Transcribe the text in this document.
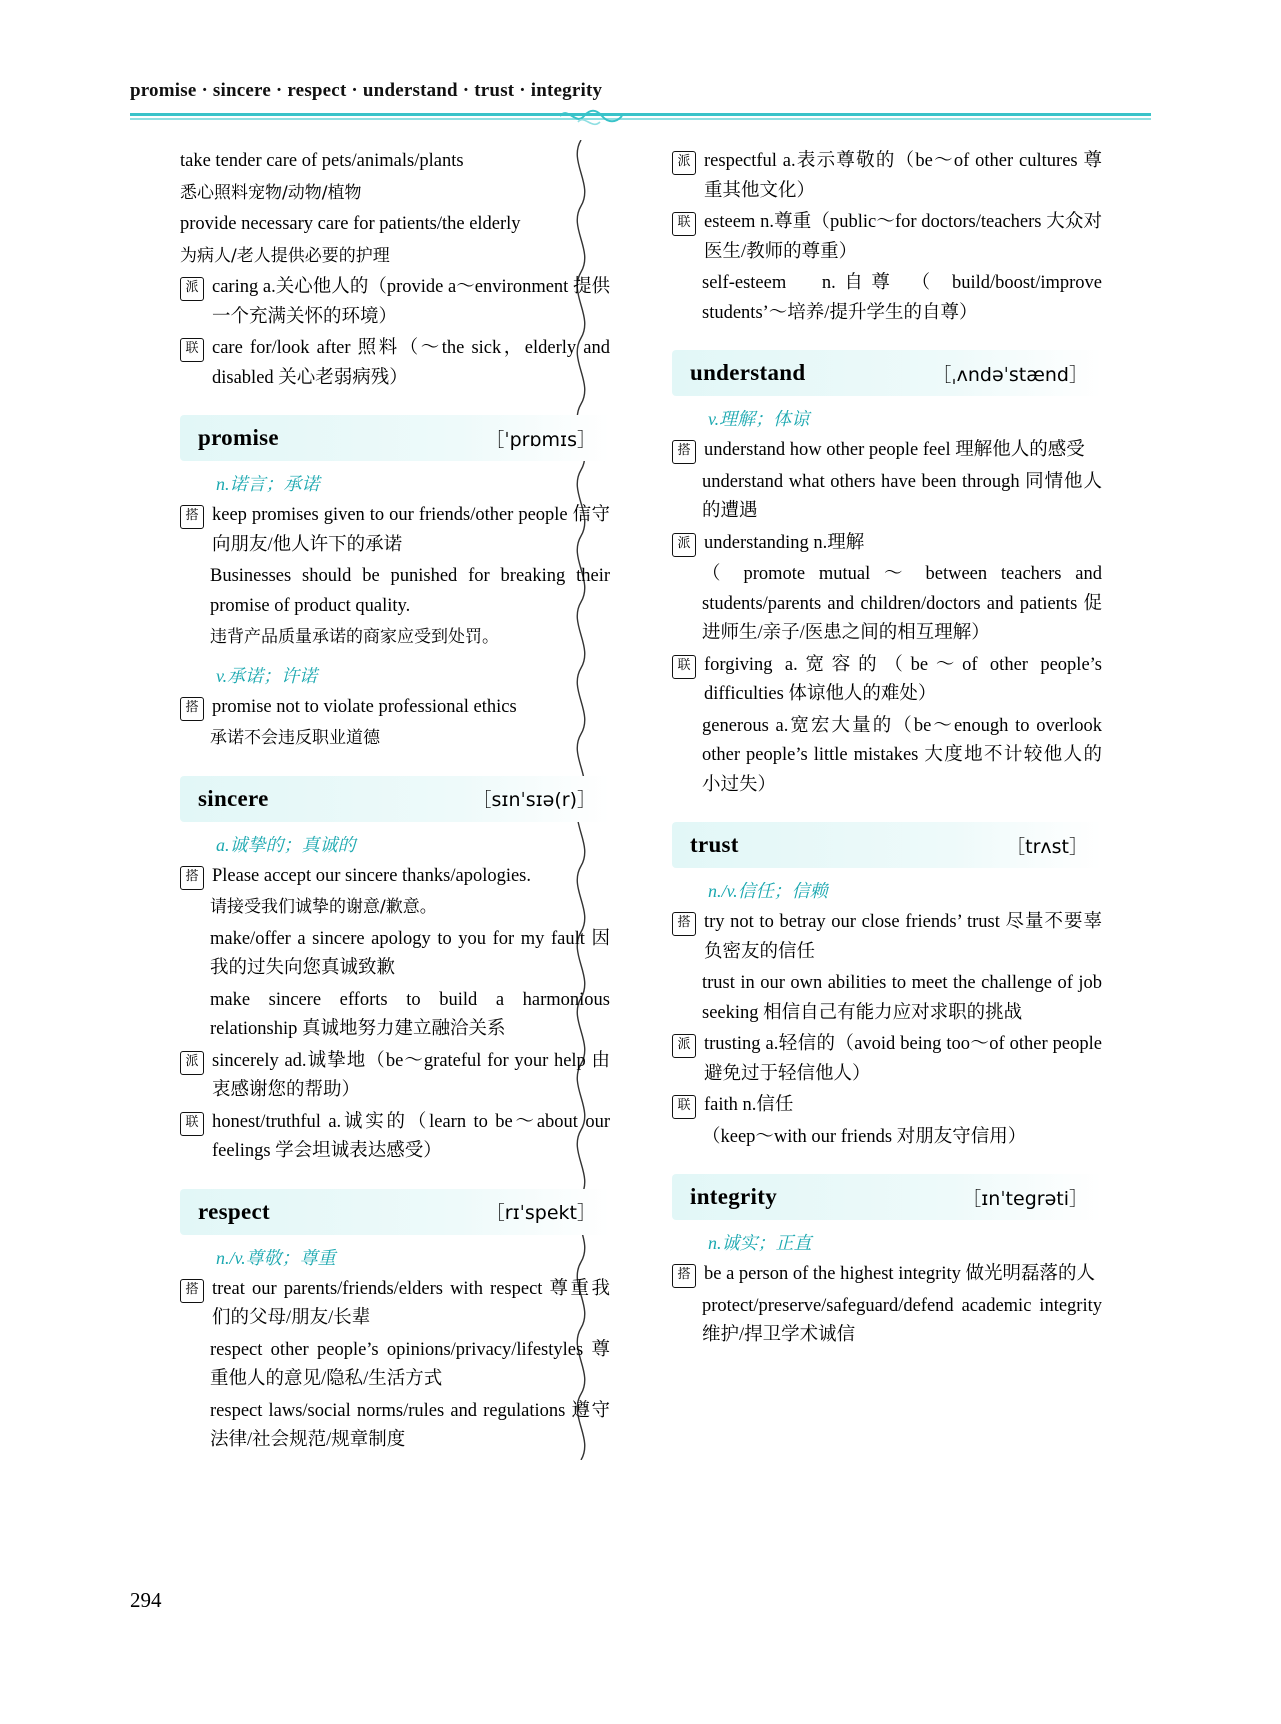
promise · sincere · respect · understand · trust · integrity
take tender care of pets/animals/plants
悉心照料宠物/动物/植物
provide necessary care for patients/the elderly
为病人/老人提供必要的护理
派 caring a.关心他人的（provide a～environment 提供一个充满关怀的环境）
联 care for/look after 照料（～the sick，elderly and disabled 关心老弱病残）
promise	［ˈprɒmɪs］
n.诺言；承诺
搭 keep promises given to our friends/other people 信守向朋友/他人许下的承诺
Businesses should be punished for breaking their promise of product quality.
违背产品质量承诺的商家应受到处罚。
v.承诺；许诺
搭 promise not to violate professional ethics
承诺不会违反职业道德
sincere	［sɪnˈsɪə(r)］
a.诚挚的；真诚的
搭 Please accept our sincere thanks/apologies.
请接受我们诚挚的谢意/歉意。
make/offer a sincere apology to you for my fault 因我的过失向您真诚致歉
make sincere efforts to build a harmonious relationship 真诚地努力建立融洽关系
派 sincerely ad.诚挚地（be～grateful for your help 由衷感谢您的帮助）
联 honest/truthful a.诚实的（learn to be～about our feelings 学会坦诚表达感受）
respect	［rɪˈspekt］
n./v.尊敬；尊重
搭 treat our parents/friends/elders with respect 尊重我们的父母/朋友/长辈
respect other people’s opinions/privacy/lifestyles 尊重他人的意见/隐私/生活方式
respect laws/social norms/rules and regulations 遵守法律/社会规范/规章制度
派 respectful a.表示尊敬的（be～of other cultures 尊重其他文化）
联 esteem n.尊重（public～for doctors/teachers 大众对医生/教师的尊重）
self-esteem　n.自尊 （ build/boost/improve students’～培养/提升学生的自尊）
understand	［ˌʌndəˈstænd］
v.理解；体谅
搭 understand how other people feel 理解他人的感受
understand what others have been through 同情他人的遭遇
派 understanding n.理解
（ promote mutual ～ between teachers and students/parents and children/doctors and patients 促进师生/亲子/医患之间的相互理解）
联 forgiving a.宽容的（be～of other people’s difficulties 体谅他人的难处）
generous a.宽宏大量的（be～enough to overlook other people’s little mistakes 大度地不计较他人的小过失）
trust	［trʌst］
n./v.信任；信赖
搭 try not to betray our close friends’ trust 尽量不要辜负密友的信任
trust in our own abilities to meet the challenge of job seeking 相信自己有能力应对求职的挑战
派 trusting a.轻信的（avoid being too～of other people 避免过于轻信他人）
联 faith n.信任
（keep～with our friends 对朋友守信用）
integrity	［ɪnˈtegrəti］
n.诚实；正直
搭 be a person of the highest integrity 做光明磊落的人
protect/preserve/safeguard/defend academic integrity 维护/捍卫学术诚信
294
